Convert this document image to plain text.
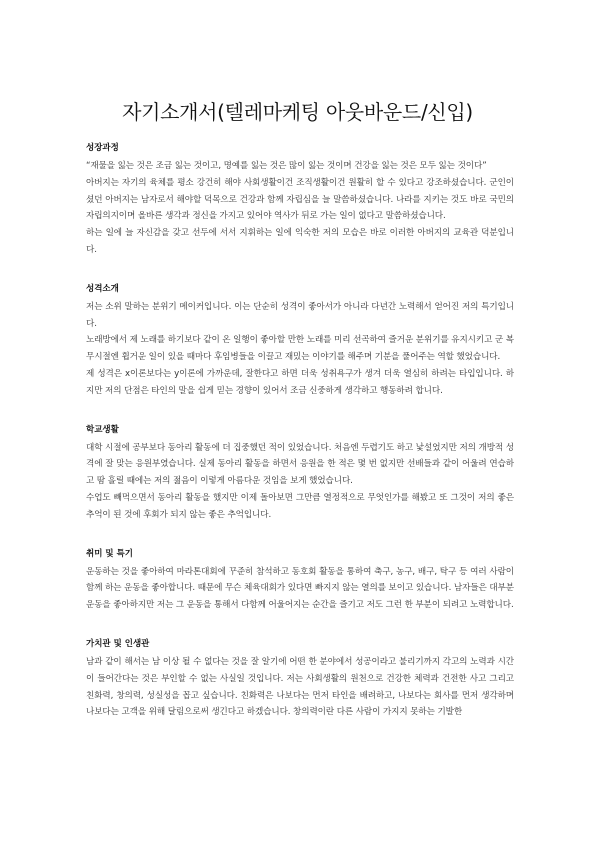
자기소개서(텔레마케팅 아웃바운드/신입)
성장과정

“재물을 잃는 것은 조금 잃는 것이고, 명예를 잃는 것은 많이 잃는 것이며 건강을 잃는 것은 모두 잃는 것이다”

아버지는 자기의 육체를 평소 강건히 해야 사회생활이건 조직생활이건 원활히 할 수 있다고 강조하셨습니다. 군인이셨던 아버지는 남자로서 해야할 덕목으로 건강과 함께 자립심을 늘 말씀하셨습니다. 나라를 지키는 것도 바로 국민의 자립의지이며 올바른 생각과 정신을 가지고 있어야 역사가 뒤로 가는 일이 없다고 말씀하셨습니다.

하는 일에 늘 자신감을 갖고 선두에 서서 지휘하는 일에 익숙한 저의 모습은 바로 이러한 아버지의 교육관 덕분입니다.

성격소개

저는 소위 말하는 분위기 메이커입니다. 이는 단순히 성격이 좋아서가 아니라 다년간 노력해서 얻어진 저의 특기입니다.

노래방에서 제 노래를 하기보다 같이 온 일행이 좋아할 만한 노래를 미리 선곡하여 즐거운 분위기를 유지시키고 군 복무시절엔 휩거운 일이 있을 때마다 후임병들을 이끌고 재밌는 이야기를 해주며 기분을 풀어주는 역할 했었습니다.

제 성격은 x이론보다는 y이론에 가까운데, 잘한다고 하면 더욱 성취욕구가 생겨 더욱 열심히 하려는 타입입니다. 하지만 저의 단점은 타인의 말을 쉽게 믿는 경향이 있어서 조금 신중하게 생각하고 행동하려 합니다.

학교생활

대학 시절에 공부보다 동아리 활동에 더 집중했던 적이 있었습니다. 처음엔 두렵기도 하고 낯설었지만 저의 개방적 성격에 잘 맞는 응원부였습니다. 실제 동아리 활동을 하면서 응원을 한 적은 몇 번 없지만 선배들과 같이 어울려 연습하고 땀 흘릴 때에는 저의 젊음이 이렇게 아름다운 것임을 보게 했었습니다.

수업도 빼먹으면서 동아리 활동을 했지만 이제 돌아보면 그만큼 열정적으로 무엇인가를 해봤고 또 그것이 저의 좋은 추억이 된 것에 후회가 되지 않는 좋은 추억입니다.

취미 및 특기

운동하는 것을 좋아하여 마라톤대회에 꾸준히 참석하고 동호회 활동을 통하여 축구, 농구, 배구, 탁구 등 여러 사람이 함께 하는 운동을 좋아합니다. 때문에 무슨 체육대회가 있다면 빠지지 않는 열의를 보이고 있습니다. 남자들은 대부분 운동을 좋아하지만 저는 그 운동을 통해서 다함께 어울어지는 순간을 즐기고 저도 그런 한 부분이 되려고 노력합니다.

가치관 및 인생관

남과 같이 해서는 남 이상 될 수 없다는 것을 잘 알기에 어떤 한 분야에서 성공이라고 불리기까지 각고의 노력과 시간이 들어간다는 것은 부인할 수 없는 사실일 것입니다. 저는 사회생활의 원천으로 건강한 체력과 건전한 사고 그리고 친화력, 창의력, 성실성을 꼽고 싶습니다. 친화력은 나보다는 먼저 타인을 배려하고, 나보다는 회사를 먼저 생각하며 나보다는 고객을 위해 달림으로써 생긴다고 하겠습니다. 창의력이란 다른 사람이 가지지 못하는 기발한
